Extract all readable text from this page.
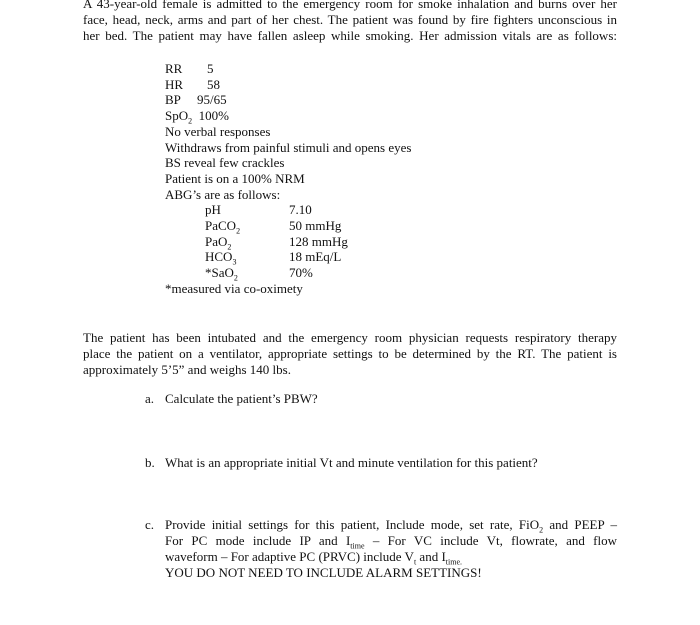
A 43-year-old female is admitted to the emergency room for smoke inhalation and burns over her
face, head, neck, arms and part of her chest. The patient was found by fire fighters unconscious in
her bed. The patient may have fallen asleep while smoking. Her admission vitals are as follows:
RR 5
HR 58
BP 95/65
SpO$_2$ 100%
No verbal responses
Withdraws from painful stimuli and opens eyes
BS reveal few crackles
Patient is on a 100% NRM
ABG’s are as follows:
pH	7.10
PaCO$_2$	50 mmHg
PaO$_2$	128 mmHg
$HCO_3$	18 mEq/L
*SaO$_2$	70%
*measured via co-oximety
The patient has been intubated and the emergency room physician requests respiratory therapy
place the patient on a ventilator, appropriate settings to be determined by the RT. The patient is
approximately 5’5” and weighs 140 lbs.
a. Calculate the patient’s PBW?
b. What is an appropriate initial Vt and minute ventilation for this patient?
c. Provide initial settings for this patient, Include mode, set rate, FiO$_2$ and PEEP –
For PC mode include IP and $I_{time}$ – For VC include Vt, flowrate, and flow
waveform – For adaptive PC (PRVC) include $V_t$ and $I_{time.}$
YOU DO NOT NEED TO INCLUDE ALARM SETTINGS!
